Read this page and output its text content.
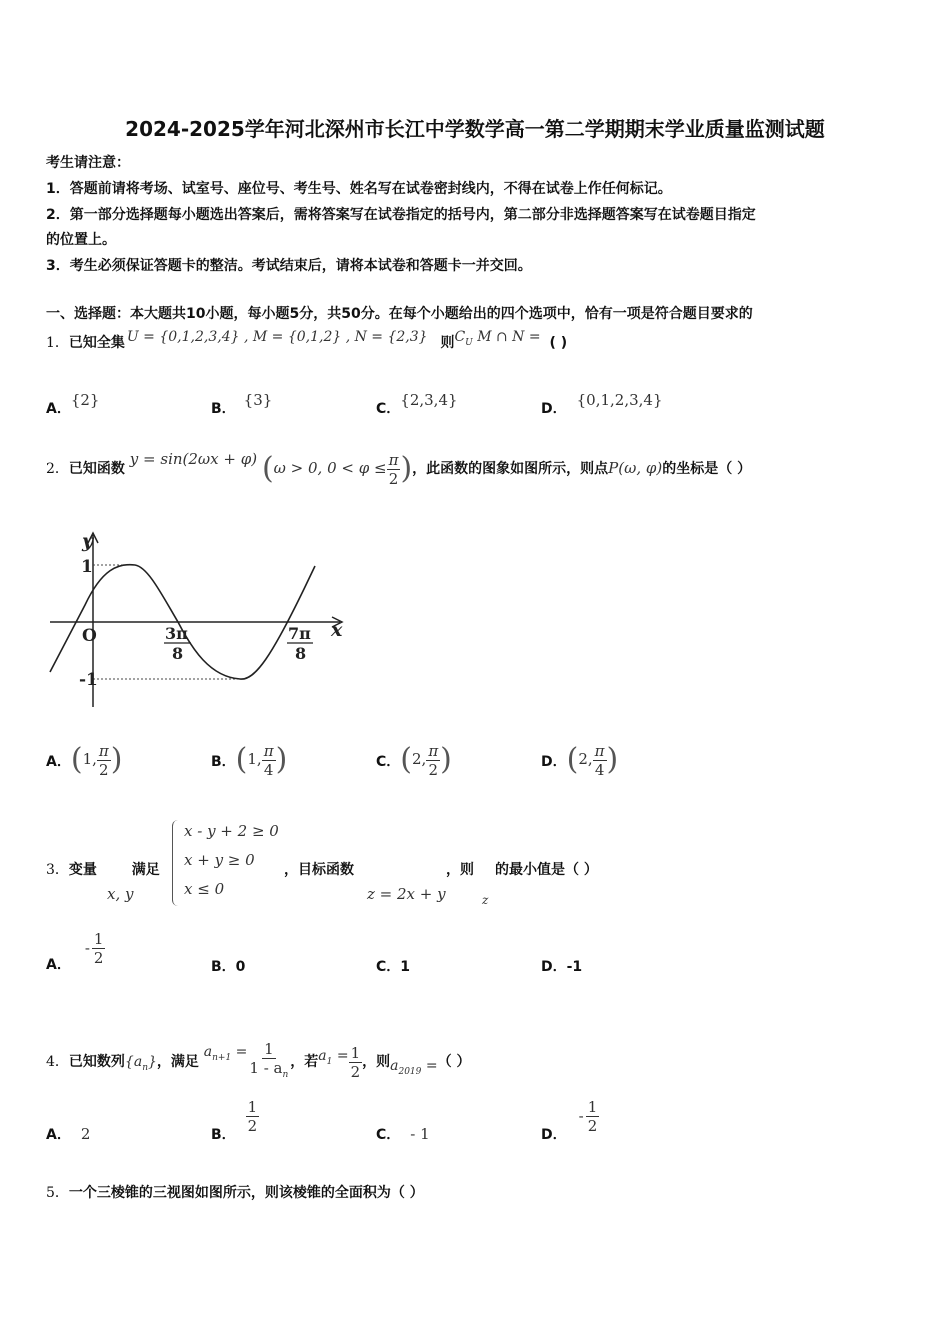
2024-2025学年河北深州市长江中学数学高一第二学期期末学业质量监测试题
考生请注意：
1．答题前请将考场、试室号、座位号、考生号、姓名写在试卷密封线内，不得在试卷上作任何标记。
2．第一部分选择题每小题选出答案后，需将答案写在试卷指定的括号内，第二部分非选择题答案写在试卷题目指定
的位置上。
3．考生必须保证答题卡的整洁。考试结束后，请将本试卷和答题卡一并交回。
一、选择题：本大题共10小题，每小题5分，共50分。在每个小题给出的四个选项中，恰有一项是符合题目要求的
1．已知全集 U = {0,1,2,3,4} , M = {0,1,2} , N = {2,3} 则$C_U$ M ∩ N = ( )
A．{2}	B． {3}	C．{2,3,4}	D． {0,1,2,3,4}
2．已知函数 y = sin(2ωx + φ) (ω > 0, $0 < \varphi \le \frac{\pi}{2}$ )，此函数的图象如图所示，则点P(ω, φ)的坐标是（ ）
y
x
O
1
-1
3π
8
7π
8
A．(1, $\frac{\pi}{2}$ )	B．(1, $\frac{\pi}{4}$ )	C．(2, $\frac{\pi}{2}$ )	D．(2, $\frac{\pi}{4}$ )
3．变量 满足
x, y
x - y + 2 ≥ 0
x + y ≥ 0
x ≤ 0
，目标函数
z = 2x + y
，则
z
的最小值是（ ）
A．- $\frac{1}{2}$	B．0	C．1	D．-1
4．已知数列$\{a_n\}$，满足 $a_{n+1} = \frac{1}{1 - a_n}$ ，若$a_1 = \frac{1}{2}$ ，则$a_{2019}$ =（ ）
A． 2	B． $\frac{1}{2}$	C． - 1	D．- $\frac{1}{2}$
5．一个三棱锥的三视图如图所示，则该棱锥的全面积为（ ）
